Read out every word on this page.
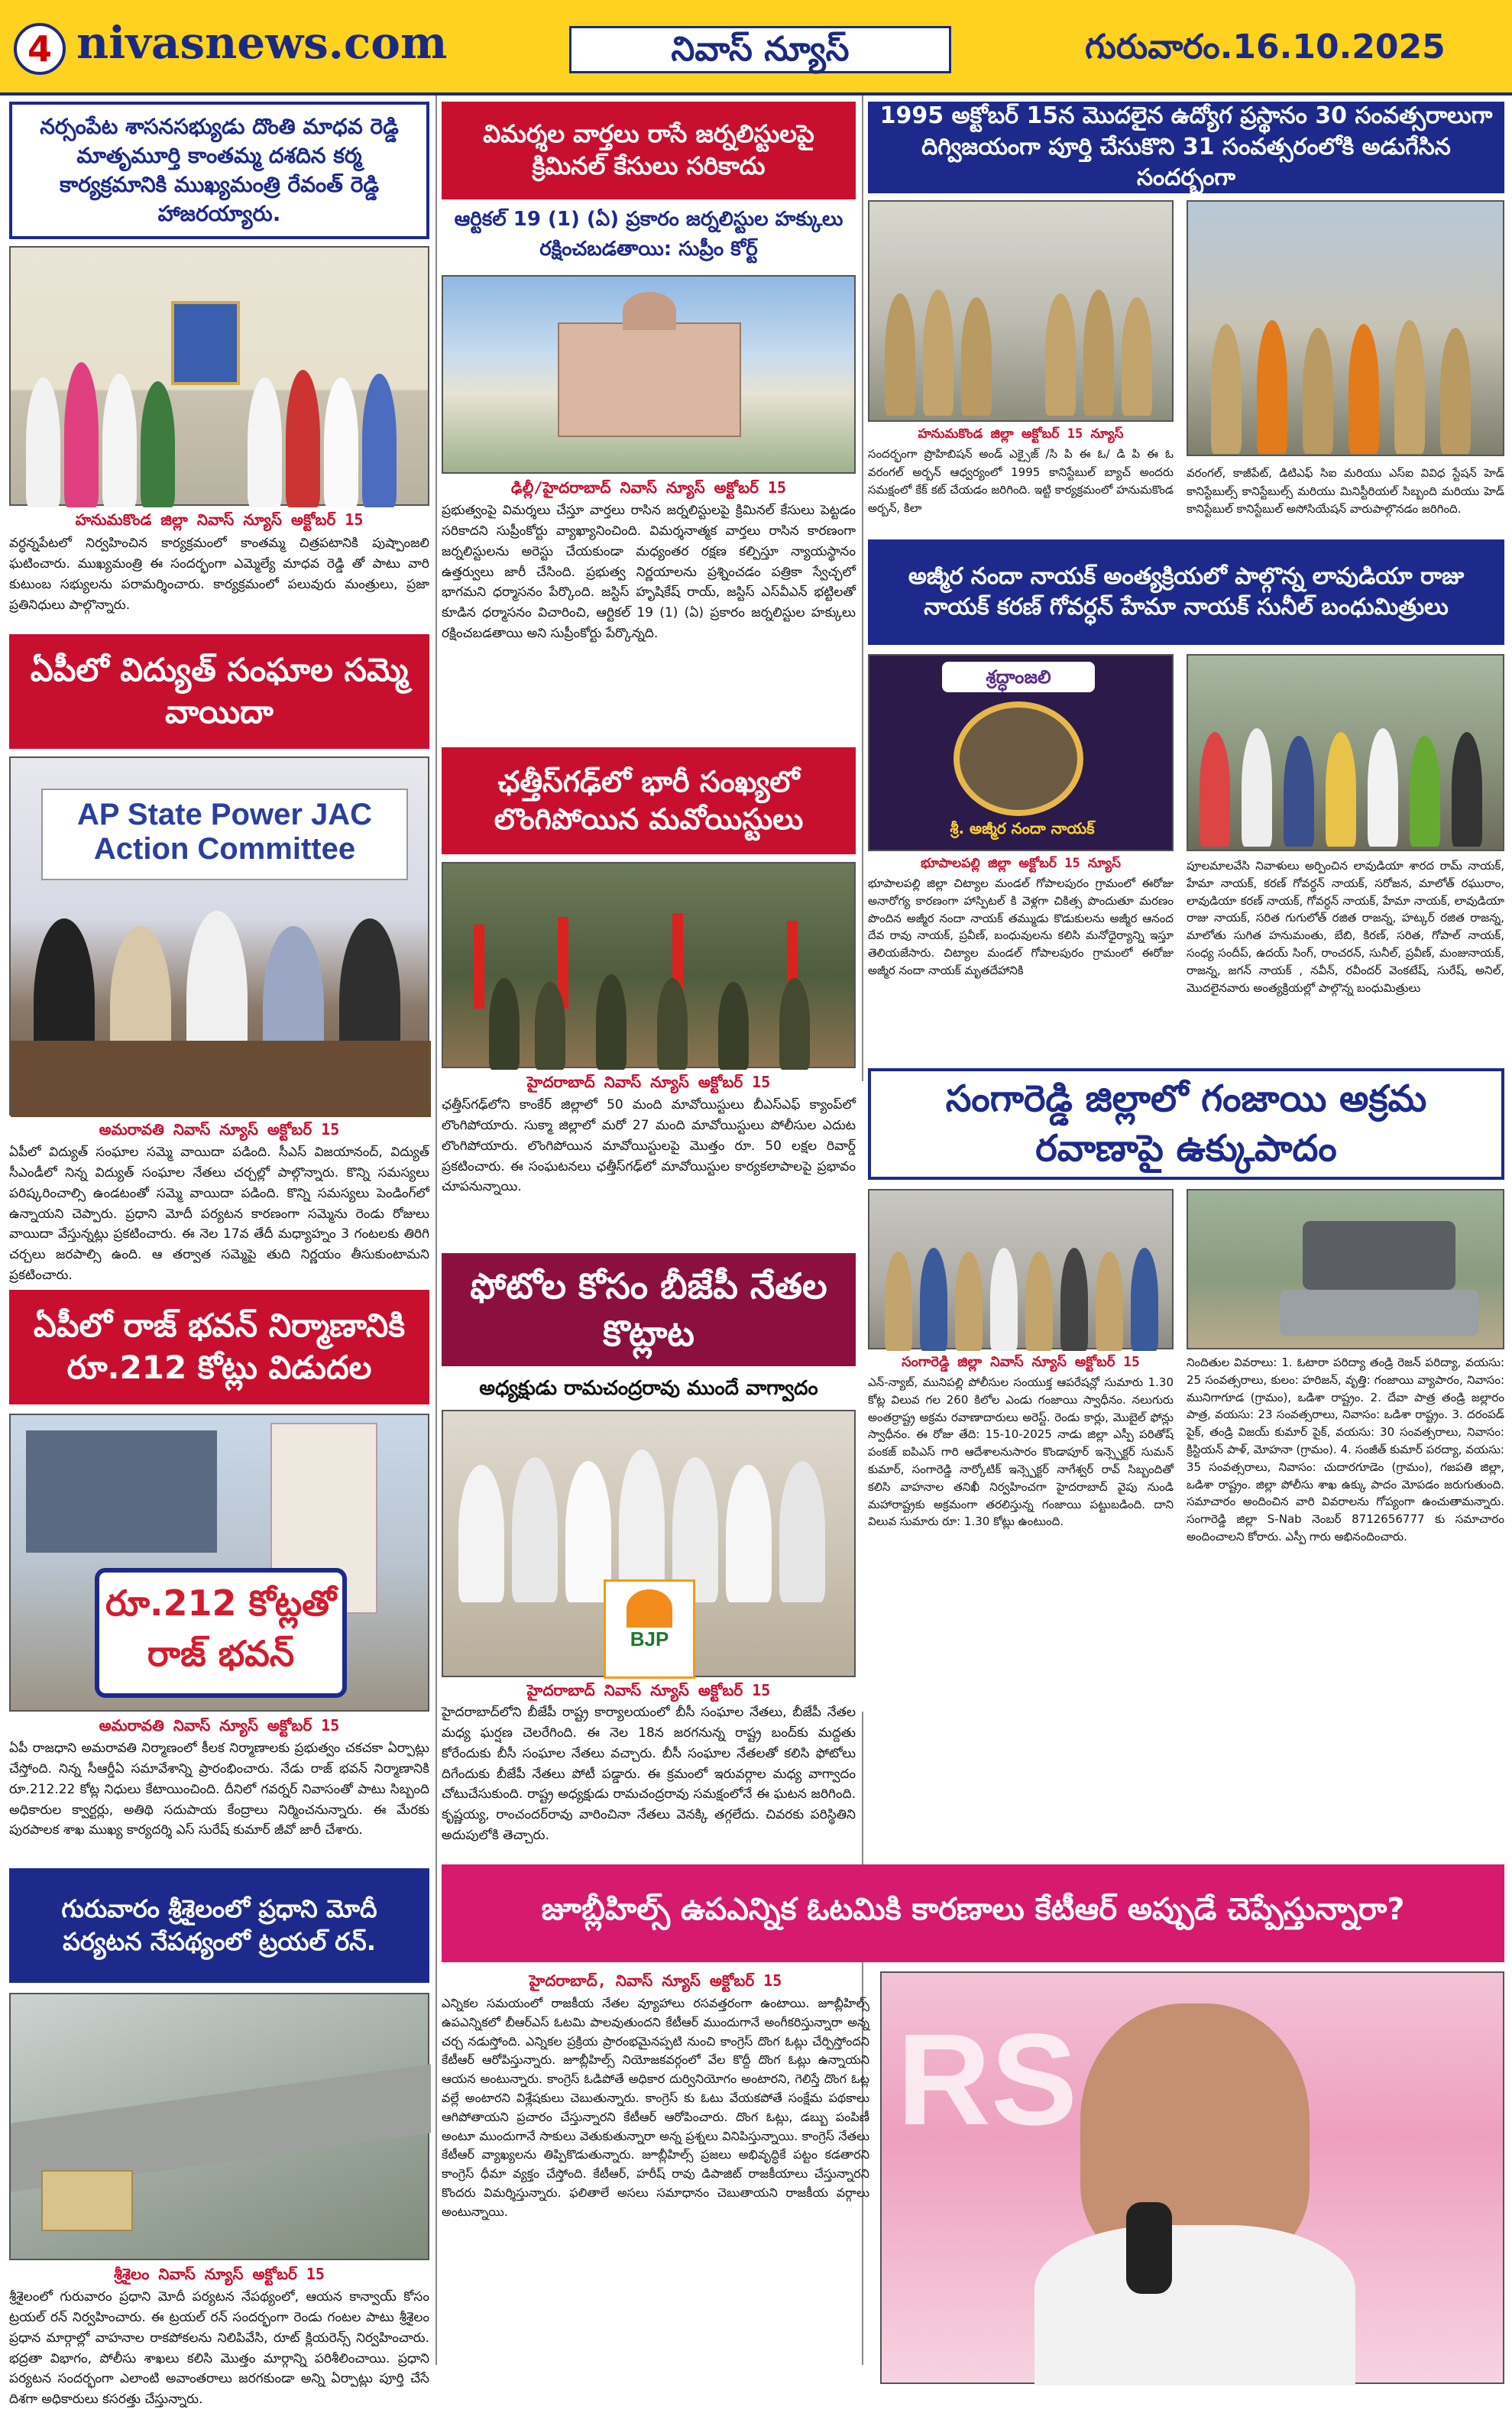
4 nivasnews.com	నివాస్ న్యూస్	గురువారం.16.10.2025
నర్సంపేట శాసనసభ్యుడు దొంతి మాధవ రెడ్డి మాతృమూర్తి కాంతమ్మ దశదిన కర్మ కార్యక్రమానికి ముఖ్యమంత్రి రేవంత్ రెడ్డి హాజరయ్యారు.
హనుమకొండ జిల్లా నివాస్ న్యూస్ అక్టోబర్ 15
వర్ధన్నపేటలో నిర్వహించిన కార్యక్రమంలో కాంతమ్మ చిత్రపటానికి పుష్పాంజలి ఘటించారు. ముఖ్యమంత్రి ఈ సందర్భంగా ఎమ్మెల్యే మాధవ రెడ్డి తో పాటు వారి కుటుంబ సభ్యులను పరామర్శించారు. కార్యక్రమంలో పలువురు మంత్రులు, ప్రజా ప్రతినిధులు పాల్గొన్నారు.
ఏపీలో విద్యుత్ సంఘాల సమ్మె వాయిదా
AP State Power JAC Action Committee
అమరావతి నివాస్ న్యూస్ అక్టోబర్ 15
ఏపీలో విద్యుత్ సంఘాల సమ్మె వాయిదా పడింది. సీఎస్ విజయానంద్, విద్యుత్ సీఎండీలో నిన్న విద్యుత్ సంఘాల నేతలు చర్చల్లో పాల్గొన్నారు. కొన్ని సమస్యలు పరిష్కరించాల్సి ఉండటంతో సమ్మె వాయిదా పడింది. కొన్ని సమస్యలు పెండింగ్‌లో ఉన్నాయని చెప్పారు. ప్రధాని మోదీ పర్యటన కారణంగా సమ్మెను రెండు రోజులు వాయిదా వేస్తున్నట్లు ప్రకటించారు. ఈ నెల 17వ తేదీ మధ్యాహ్నం 3 గంటలకు తిరిగి చర్చలు జరపాల్సి ఉంది. ఆ తర్వాత సమ్మెపై తుది నిర్ణయం తీసుకుంటామని ప్రకటించారు.
ఏపీలో రాజ్ భవన్ నిర్మాణానికి రూ.212 కోట్లు విడుదల
రూ.212 కోట్లతో
రాజ్ భవన్
అమరావతి నివాస్ న్యూస్ అక్టోబర్ 15
ఏపీ రాజధాని అమరావతి నిర్మాణంలో కీలక నిర్మాణాలకు ప్రభుత్వం చకచకా ఏర్పాట్లు చేస్తోంది. నిన్న సీఆర్డీఏ సమావేశాన్ని ప్రారంభించారు. నేడు రాజ్ భవన్ నిర్మాణానికి రూ.212.22 కోట్ల నిధులు కేటాయించింది. దీనిలో గవర్నర్ నివాసంతో పాటు సిబ్బంది అధికారుల క్వార్టర్లు, అతిథి సదుపాయ కేంద్రాలు నిర్మించనున్నారు. ఈ మేరకు పురపాలక శాఖ ముఖ్య కార్యదర్శి ఎస్ సురేష్ కుమార్ జీవో జారీ చేశారు.
గురువారం శ్రీశైలంలో ప్రధాని మోదీ పర్యటన నేపథ్యంలో ట్రయల్ రన్.
శ్రీశైలం నివాస్ న్యూస్ అక్టోబర్ 15
శ్రీశైలంలో గురువారం ప్రధాని మోదీ పర్యటన నేపథ్యంలో, ఆయన కాన్వాయ్ కోసం ట్రయల్ రన్ నిర్వహించారు. ఈ ట్రయల్ రన్ సందర్భంగా రెండు గంటల పాటు శ్రీశైలం ప్రధాన మార్గాల్లో వాహనాల రాకపోకలను నిలిపివేసి, రూట్ క్లియరెన్స్ నిర్వహించారు. భద్రతా విభాగం, పోలీసు శాఖలు కలిసి మొత్తం మార్గాన్ని పరిశీలించాయి. ప్రధాని పర్యటన సందర్భంగా ఎలాంటి అవాంతరాలు జరగకుండా అన్ని ఏర్పాట్లు పూర్తి చేసే దిశగా అధికారులు కసరత్తు చేస్తున్నారు.
విమర్శల వార్తలు రాసే జర్నలిస్టులపై క్రిమినల్ కేసులు సరికాదు
ఆర్టికల్ 19 (1) (ఏ) ప్రకారం జర్నలిస్టుల హక్కులు రక్షించబడతాయి: సుప్రీం కోర్ట్
ఢిల్లీ/హైదరాబాద్ నివాస్ న్యూస్ అక్టోబర్ 15
ప్రభుత్వంపై విమర్శలు చేస్తూ వార్తలు రాసిన జర్నలిస్టులపై క్రిమినల్ కేసులు పెట్టడం సరికాదని సుప్రీంకోర్టు వ్యాఖ్యానించింది. విమర్శనాత్మక వార్తలు రాసిన కారణంగా జర్నలిస్టులను అరెస్టు చేయకుండా మధ్యంతర రక్షణ కల్పిస్తూ న్యాయస్థానం ఉత్తర్వులు జారీ చేసింది. ప్రభుత్వ నిర్ణయాలను ప్రశ్నించడం పత్రికా స్వేచ్ఛలో భాగమని ధర్మాసనం పేర్కొంది. జస్టిస్ హృషికేష్ రాయ్, జస్టిస్ ఎస్‌వీఎన్ భట్టిలతో కూడిన ధర్మాసనం విచారించి, ఆర్టికల్ 19 (1) (ఏ) ప్రకారం జర్నలిస్టుల హక్కులు రక్షించబడతాయి అని సుప్రీంకోర్టు పేర్కొన్నది.
ఛత్తీస్‌గఢ్‌లో భారీ సంఖ్యలో లొంగిపోయిన మవోయిస్టులు
హైదరాబాద్ నివాస్ న్యూస్ అక్టోబర్ 15
ఛత్తీస్‌గఢ్‌లోని కాంకేర్ జిల్లాలో 50 మంది మావోయిస్టులు బీఎస్ఎఫ్ క్యాంప్‌లో లొంగిపోయారు. సుక్మా జిల్లాలో మరో 27 మంది మావోయిస్టులు పోలీసుల ఎదుట లొంగిపోయారు. లొంగిపోయిన మావోయిస్టులపై మొత్తం రూ. 50 లక్షల రివార్డ్ ప్రకటించారు. ఈ సంఘటనలు ఛత్తీస్‌గఢ్‌లో మావోయిస్టుల కార్యకలాపాలపై ప్రభావం చూపనున్నాయి.
ఫోటోల కోసం బీజేపీ నేతల కొట్లాట
అధ్యక్షుడు రామచంద్రరావు ముందే వాగ్వాదం
BJP
హైదరాబాద్ నివాస్ న్యూస్ అక్టోబర్ 15
హైదరాబాద్‌లోని బీజేపీ రాష్ట్ర కార్యాలయంలో బీసీ సంఘాల నేతలు, బీజేపీ నేతల మధ్య ఘర్షణ చెలరేగింది. ఈ నెల 18న జరగనున్న రాష్ట్ర బంద్‌కు మద్దతు కోరేందుకు బీసీ సంఘాల నేతలు వచ్చారు. బీసీ సంఘాల నేతలతో కలిసి ఫోటోలు దిగేందుకు బీజేపీ నేతలు పోటీ పడ్డారు. ఈ క్రమంలో ఇరువర్గాల మధ్య వాగ్వాదం చోటుచేసుకుంది. రాష్ట్ర అధ్యక్షుడు రామచంద్రరావు సమక్షంలోనే ఈ ఘటన జరిగింది. కృష్ణయ్య, రాంచందర్‌రావు వారించినా నేతలు వెనక్కి తగ్గలేదు. చివరకు పరిస్థితిని అదుపులోకి తెచ్చారు.
1995 అక్టోబర్ 15న మొదలైన ఉద్యోగ ప్రస్థానం 30 సంవత్సరాలుగా దిగ్విజయంగా పూర్తి చేసుకొని 31 సంవత్సరంలోకి అడుగేసిన సందర్భంగా
హనుమకొండ జిల్లా అక్టోబర్ 15 న్యూస్
సందర్భంగా ప్రొహిబిషన్ అండ్ ఎక్సైజ్ /సి పి ఈ ఓ/ డి పి ఈ ఓ వరంగల్ అర్బన్ ఆధ్వర్యంలో 1995 కానిస్టేబుల్ బ్యాచ్ అందరు సమక్షంలో కేక్ కట్ చేయడం జరిగింది. ఇట్టి కార్యక్రమంలో హనుమకొండ అర్బన్, కిలా
వరంగల్, కాజీపేట్, డిటిఎఫ్ సిఐ మరియు ఎస్ఐ వివిధ స్టేషన్ హెడ్ కానిస్టేబుల్స్ కానిస్టేబుల్స్ మరియు మినిస్టీరియల్ సిబ్బంది మరియు హెడ్ కానిస్టేబుల్ కానిస్టేబుల్ అసోసియేషన్ వారుపాల్గొనడం జరిగింది.
అజ్మీర నందా నాయక్ అంత్యక్రియలో పాల్గొన్న లావుడియా రాజు నాయక్ కరణ్ గోవర్ధన్ హేమా నాయక్ సునీల్ బంధుమిత్రులు
శ్రద్ధాంజలి
శ్రీ. అజ్మీర నందా నాయక్
భూపాలపల్లి జిల్లా అక్టోబర్ 15 న్యూస్
భూపాలపల్లి జిల్లా చిట్యాల మండల్ గోపాలపురం గ్రామంలో ఈరోజు అనారోగ్య కారణంగా హాస్పిటల్ కి వెళ్లగా చికిత్స పొందుతూ మరణం పొందిన అజ్మీర నందా నాయక్ తమ్ముడు కొడుకులను అజ్మీర ఆనంద దేవ రావు నాయక్, ప్రవీణ్, బంధువులను కలిసి మనోధైర్యాన్ని ఇస్తూ తెలియజేసారు. చిట్యాల మండల్ గోపాలపురం గ్రామంలో ఈరోజు అజ్మీర నందా నాయక్ మృతదేహానికి
పూలమాలవేసి నివాళులు అర్పించిన లావుడియా శారద రామ్ నాయక్, హేమా నాయక్, కరణ్ గోవర్ధన్ నాయక్, సరోజన, మాలోత్ రఘురాం, లావుడియా కరణ్ నాయక్, గోవర్ధన్ నాయక్, హేమా నాయక్, లావుడియా రాజు నాయక్, సరిత గుగులోత్ రజిత రాజన్న, హట్కర్ రజిత రాజన్న, మాలోతు సుగిత హనుమంతు, బేబి, కిరణ్, సరిత, గోపాల్ నాయక్, సంధ్య సందీప్, ఉదయ్ సింగ్, రాంచరన్, సునీల్, ప్రవీణ్, మంజునాయక్, రాజన్న, జగన్ నాయక్ , నవీన్, రవీందర్ వెంకటేష్, సురేష్, అనిల్, మొదలైనవారు అంత్యక్రియల్లో పాల్గొన్న బంధుమిత్రులు
సంగారెడ్డి జిల్లాలో గంజాయి అక్రమ రవాణాపై ఉక్కుపాదం
సంగారెడ్డి జిల్లా నివాస్ న్యూస్ అక్టోబర్ 15
ఎన్-న్యాబ్, మునిపల్లి పోలీసుల సంయుక్త ఆపరేషన్లో సుమారు 1.30 కోట్ల విలువ గల 260 కిలోల ఎండు గంజాయి స్వాధీనం. నలుగురు అంతర్రాష్ట్ర అక్రమ రవాణాదారులు అరెస్ట్. రెండు కార్లు, మొబైల్ ఫోన్లు స్వాధీనం. ఈ రోజు తేది: 15-10-2025 నాడు జిల్లా ఎస్పీ పరితోష్ పంకజ్ ఐపిఎస్ గారి ఆదేశాలనుసారం కొండాపూర్ ఇన్స్పెక్టర్ సుమన్ కుమార్, సంగారెడ్డి నార్కోటిక్ ఇన్స్పెక్టర్ నాగేశ్వర్ రావ్ సిబ్బందితో కలిసి వాహనాల తనిఖీ నిర్వహించగా హైదరాబాద్ వైపు నుండి మహారాష్ట్రకు అక్రమంగా తరలిస్తున్న గంజాయి పట్టుబడింది. దాని విలువ సుమారు రూ: 1.30 కోట్లు ఉంటుంది.
నిందితుల వివరాలు: 1. ఓటారా పరిద్యా తండ్రి రెజన్ పరిద్యా, వయసు: 25 సంవత్సరాలు, కులం: హరిజన్, వృత్తి: గంజాయి వ్యాపారం, నివాసం: మునిగాగూడ (గ్రామం), ఒడిశా రాష్ట్రం. 2. దేవా పాత్ర తండ్రి జల్లారం పాత్ర, వయసు: 23 సంవత్సరాలు, నివాసం: ఒడిశా రాష్ట్రం. 3. దరంపడ్ పైక్, తండ్రి విజయ్ కుమార్ పైక్, వయసు: 30 సంవత్సరాలు, నివాసం: క్రిస్టియన్ పాళ్, మోహనా (గ్రామం). 4. సంజీత్ కుమార్ పరద్యా, వయసు: 35 సంవత్సరాలు, నివాసం: చుదారగూడెం (గ్రామం), గజపతి జిల్లా, ఒడిశా రాష్ట్రం. జిల్లా పోలీసు శాఖ ఉక్కు పాదం మోపడం జరుగుతుంది. సమాచారం అందించిన వారి వివరాలను గోప్యంగా ఉంచుతామన్నారు. సంగారెడ్డి జిల్లా S-Nab నెంబర్ 8712656777 కు సమాచారం అందించాలని కోరారు. ఎస్పీ గారు అభినందించారు.
జూబ్లీహిల్స్ ఉపఎన్నిక ఓటమికి కారణాలు కేటీఆర్ అప్పుడే చెప్పేస్తున్నారా?
హైదరాబాద్, నివాస్ న్యూస్ అక్టోబర్ 15
ఎన్నికల సమయంలో రాజకీయ నేతల వ్యూహాలు రసవత్తరంగా ఉంటాయి. జూబ్లీహిల్స్ ఉపఎన్నికలో బీఆర్ఎస్ ఓటమి పాలవుతుందని కేటీఆర్ ముందుగానే అంగీకరిస్తున్నారా అన్న చర్చ నడుస్తోంది. ఎన్నికల ప్రక్రియ ప్రారంభమైనప్పటి నుంచి కాంగ్రెస్ దొంగ ఓట్లు చేర్పిస్తోందని కేటీఆర్ ఆరోపిస్తున్నారు. జూబ్లీహిల్స్ నియోజకవర్గంలో వేల కొద్దీ దొంగ ఓట్లు ఉన్నాయని ఆయన అంటున్నారు. కాంగ్రెస్ ఓడిపోతే అధికార దుర్వినియోగం అంటారని, గెలిస్తే దొంగ ఓట్ల వల్లే అంటారని విశ్లేషకులు చెబుతున్నారు. కాంగ్రెస్ కు ఓటు వేయకపోతే సంక్షేమ పథకాలు ఆగిపోతాయని ప్రచారం చేస్తున్నారని కేటీఆర్ ఆరోపించారు. దొంగ ఓట్లు, డబ్బు పంపిణీ అంటూ ముందుగానే సాకులు వెతుకుతున్నారా అన్న ప్రశ్నలు వినిపిస్తున్నాయి. కాంగ్రెస్ నేతలు కేటీఆర్ వ్యాఖ్యలను తిప్పికొడుతున్నారు. జూబ్లీహిల్స్ ప్రజలు అభివృద్ధికే పట్టం కడతారని కాంగ్రెస్ ధీమా వ్యక్తం చేస్తోంది. కేటీఆర్, హరీష్ రావు డిపాజిట్ రాజకీయాలు చేస్తున్నారని కొందరు విమర్శిస్తున్నారు. ఫలితాలే అసలు సమాధానం చెబుతాయని రాజకీయ వర్గాలు అంటున్నాయి.
RS
